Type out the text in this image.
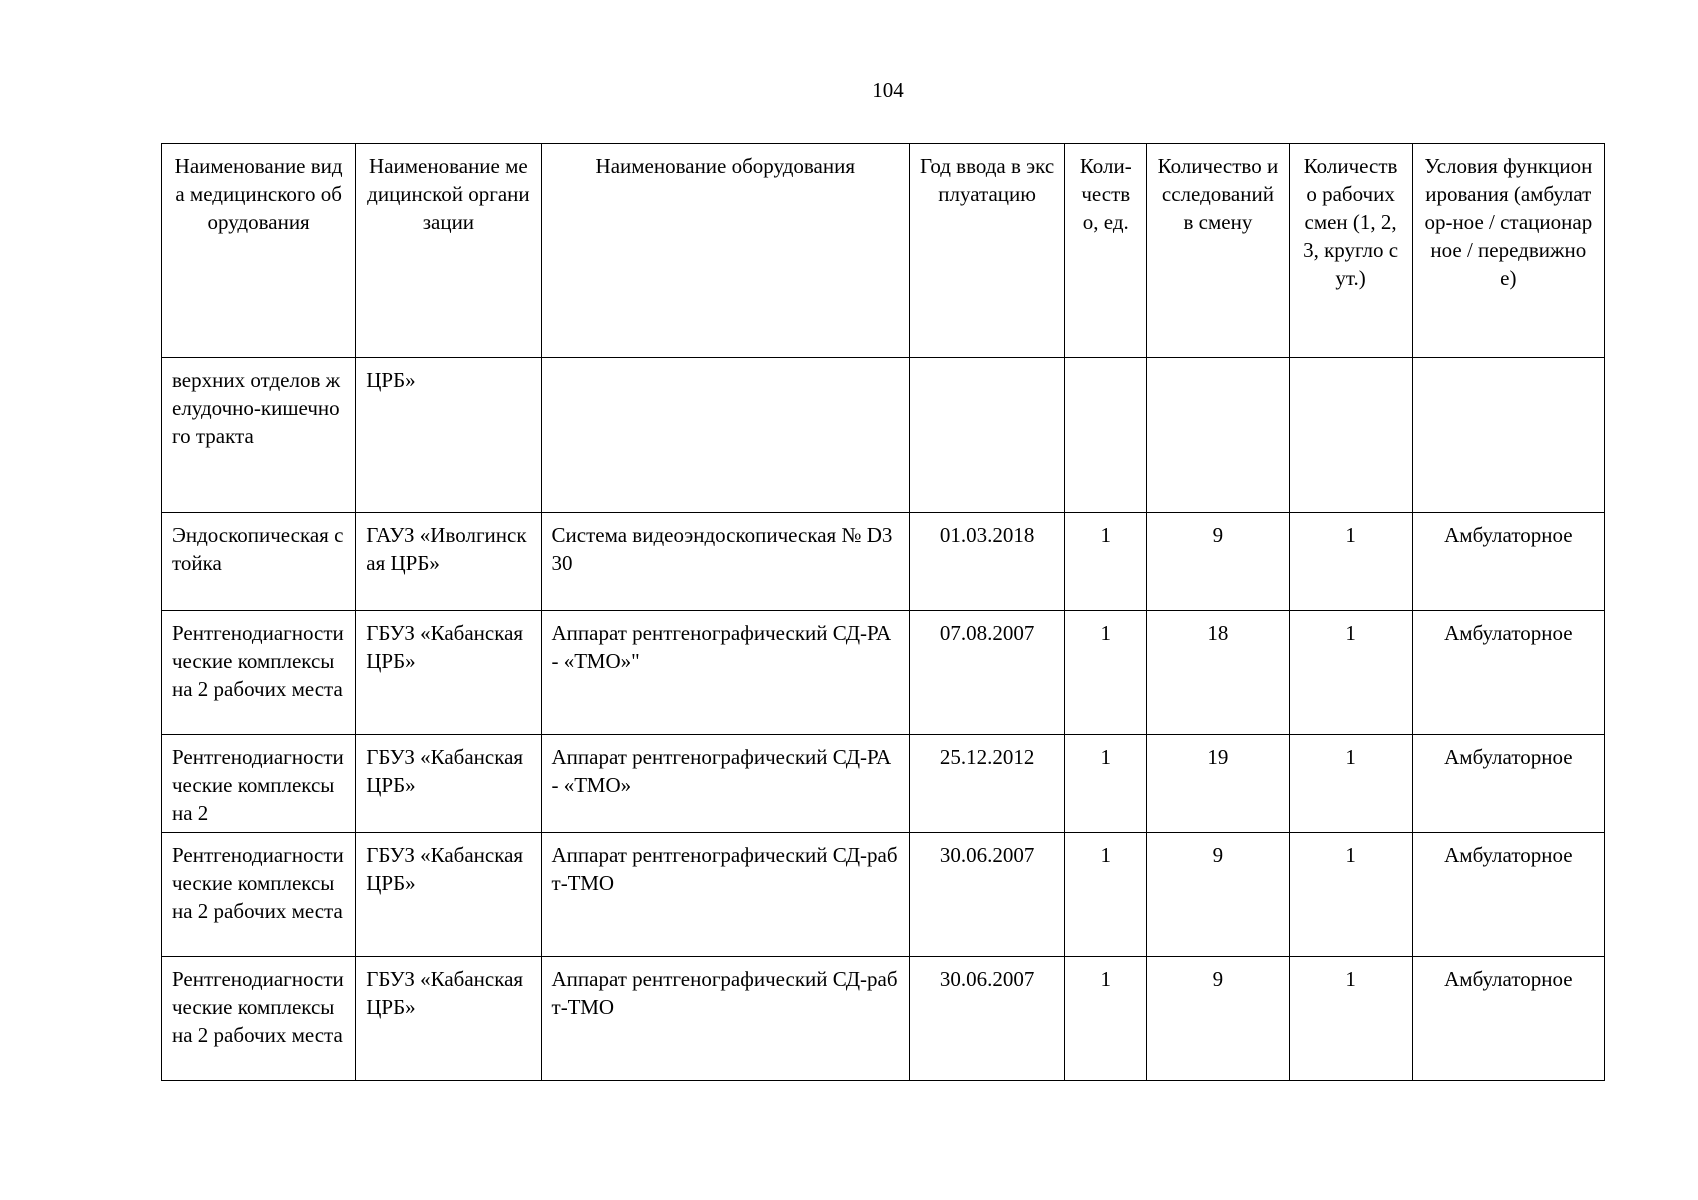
104
Наименование вида медицинского оборудования	Наименование медицинской организации	Наименование оборудования	Год ввода в эксплуатацию	Коли-чество, ед.	Количество исследований в смену	Количество рабочих смен (1, 2, 3, кругло сут.)	Условия функционирования (амбулатор-ное / стационарное / передвижное)
верхних отделов желудочно-кишечного тракта	ЦРБ»						
Эндоскопическая стойка	ГАУЗ «Иволгинская ЦРБ»	Система видеоэндоскопическая № D330	01.03.2018	1	9	1	Амбулаторное
Рентгенодиагностические комплексы на 2 рабочих места	ГБУЗ «Кабанская ЦРБ»	Аппарат рентгенографический СД-РА - «ТМО»"	07.08.2007	1	18	1	Амбулаторное
Рентгенодиагностические комплексы на 2	ГБУЗ «Кабанская ЦРБ»	Аппарат рентгенографический СД-РА - «ТМО»	25.12.2012	1	19	1	Амбулаторное
Рентгенодиагностические комплексы на 2 рабочих места	ГБУЗ «Кабанская ЦРБ»	Аппарат рентгенографический СД-рабт-ТМО	30.06.2007	1	9	1	Амбулаторное
Рентгенодиагностические комплексы на 2 рабочих места	ГБУЗ «Кабанская ЦРБ»	Аппарат рентгенографический СД-рабт-ТМО	30.06.2007	1	9	1	Амбулаторное
